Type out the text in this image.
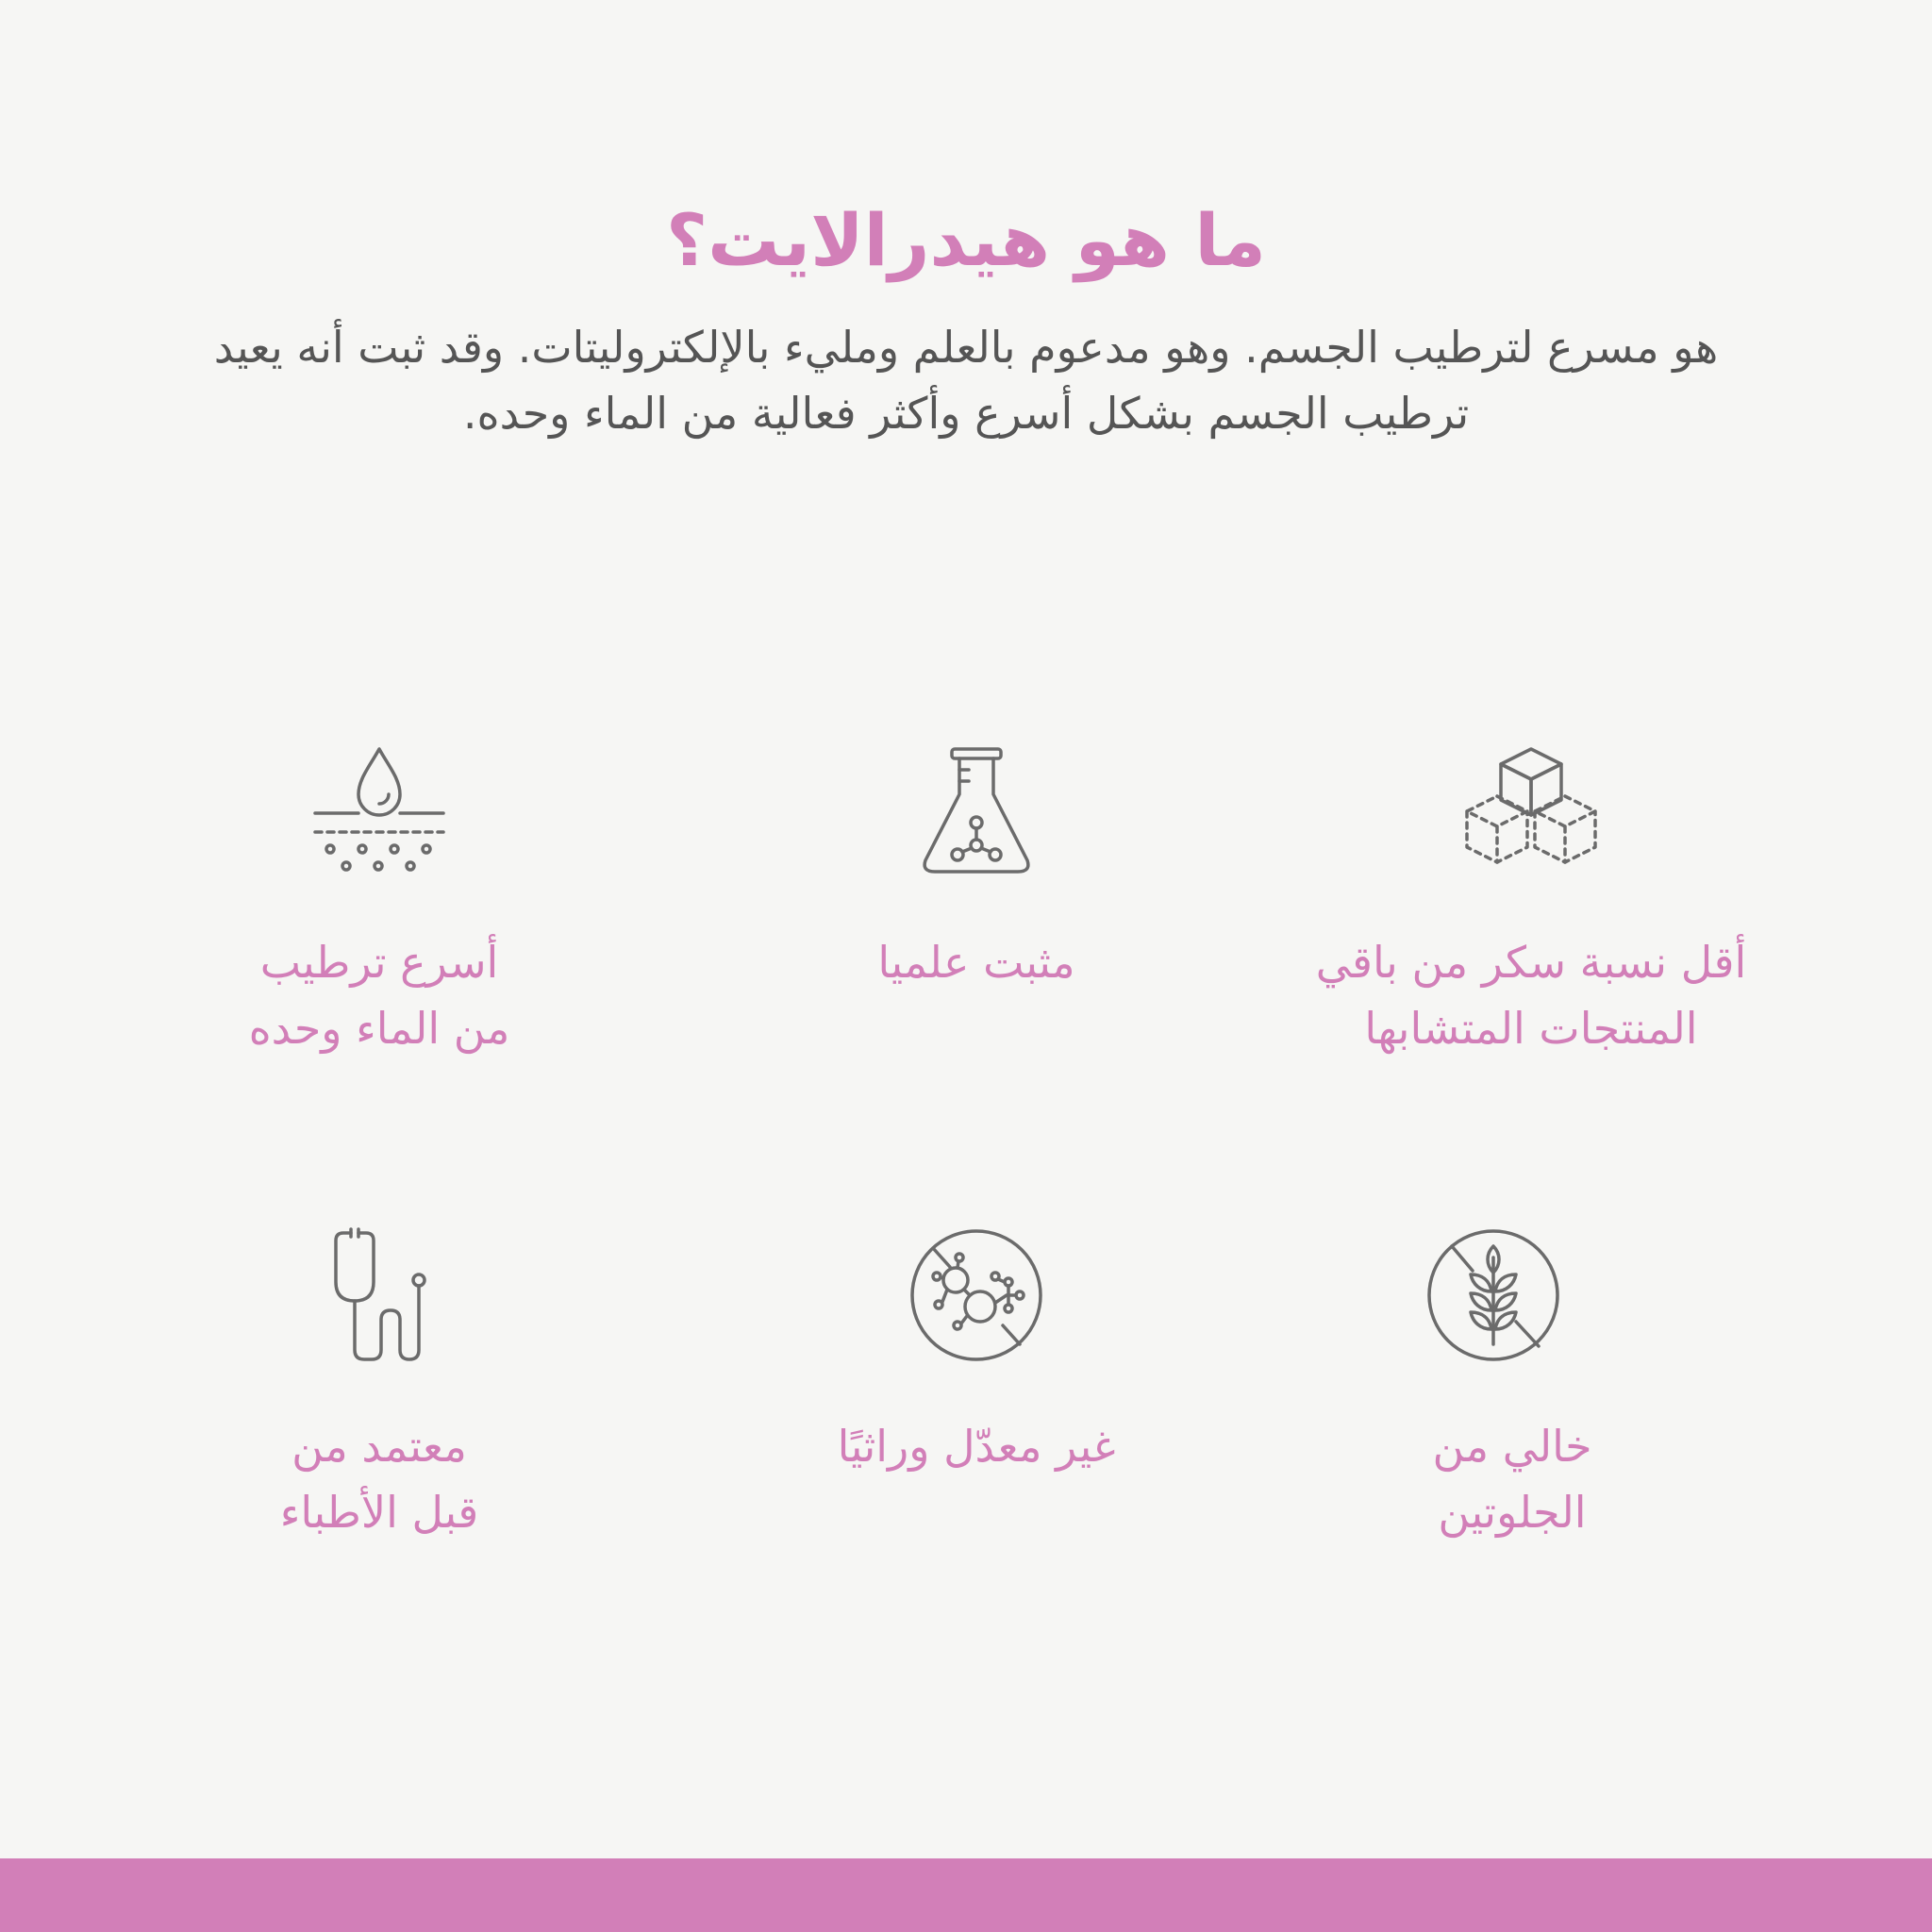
ما هو هيدرالايت؟

هو مسرع لترطيب الجسم. وهو مدعوم بالعلم ومليء بالإلكتروليتات. وقد ثبت أنه يعيد ترطيب الجسم بشكل أسرع وأكثر فعالية من الماء وحده.

أقل نسبة سكر من باقي
المنتجات المتشابها
مثبت علميا
أسرع ترطيب
من الماء وحده
خالي من
الجلوتين
غير معدّل وراثيًا
معتمد من
قبل الأطباء
